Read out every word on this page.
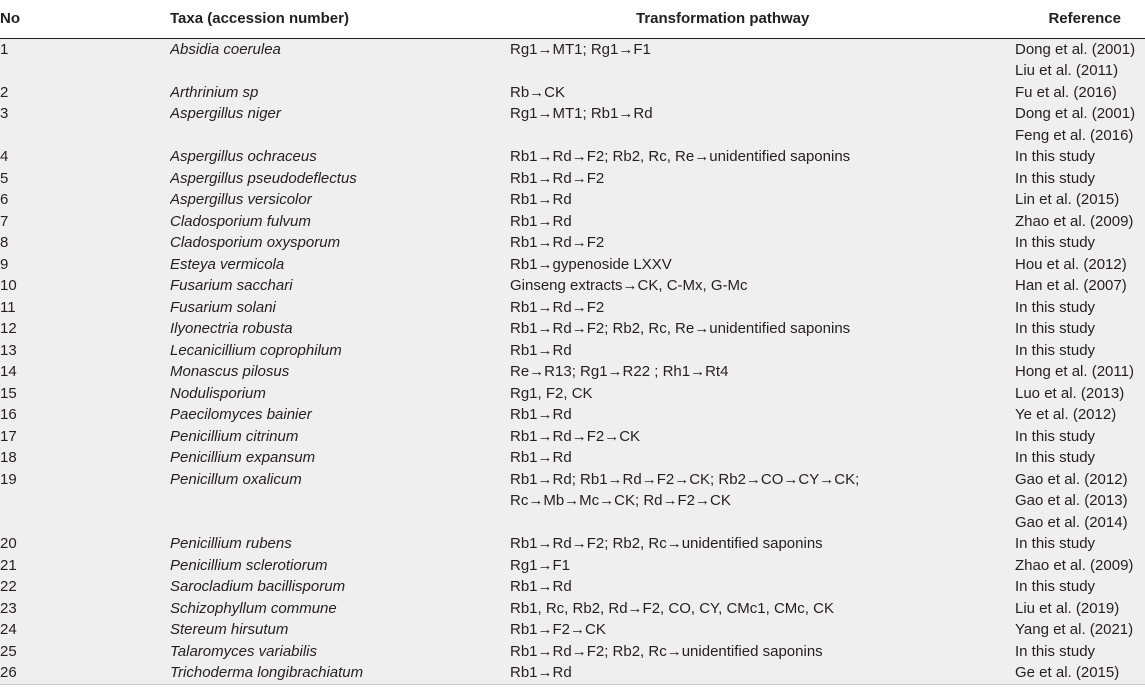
No	Taxa (accession number)	Transformation pathway	Reference
1	Absidia coerulea	Rg1→MT1; Rg1→F1	Dong et al. (2001)
Liu et al. (2011)

2	Arthrinium sp	Rb→CK	Fu et al. (2016)

3	Aspergillus niger	Rg1→MT1; Rb1→Rd	Dong et al. (2001)
Feng et al. (2016)

4	Aspergillus ochraceus	Rb1→Rd→F2; Rb2, Rc, Re→unidentified saponins	In this study

5	Aspergillus pseudodeflectus	Rb1→Rd→F2	In this study

6	Aspergillus versicolor	Rb1→Rd	Lin et al. (2015)

7	Cladosporium fulvum	Rb1→Rd	Zhao et al. (2009)

8	Cladosporium oxysporum	Rb1→Rd→F2	In this study

9	Esteya vermicola	Rb1→gypenoside LXXV	Hou et al. (2012)

10	Fusarium sacchari	Ginseng extracts→CK, C-Mx, G-Mc	Han et al. (2007)

11	Fusarium solani	Rb1→Rd→F2	In this study

12	Ilyonectria robusta	Rb1→Rd→F2; Rb2, Rc, Re→unidentified saponins	In this study

13	Lecanicillium coprophilum	Rb1→Rd	In this study

14	Monascus pilosus	Re→R13; Rg1→R22 ; Rh1→Rt4	Hong et al. (2011)

15	Nodulisporium	Rg1, F2, CK	Luo et al. (2013)

16	Paecilomyces bainier	Rb1→Rd	Ye et al. (2012)

17	Penicillium citrinum	Rb1→Rd→F2→CK	In this study

18	Penicillium expansum	Rb1→Rd	In this study

19	Penicillum oxalicum	Rb1→Rd; Rb1→Rd→F2→CK; Rb2→CO→CY→CK;
Rc→Mb→Mc→CK; Rd→F2→CK	Gao et al. (2012)
Gao et al. (2013)
Gao et al. (2014)

20	Penicillium rubens	Rb1→Rd→F2; Rb2, Rc→unidentified saponins	In this study

21	Penicillium sclerotiorum	Rg1→F1	Zhao et al. (2009)

22	Sarocladium bacillisporum	Rb1→Rd	In this study

23	Schizophyllum commune	Rb1, Rc, Rb2, Rd→F2, CO, CY, CMc1, CMc, CK	Liu et al. (2019)

24	Stereum hirsutum	Rb1→F2→CK	Yang et al. (2021)

25	Talaromyces variabilis	Rb1→Rd→F2; Rb2, Rc→unidentified saponins	In this study

26	Trichoderma longibrachiatum	Rb1→Rd	Ge et al. (2015)
